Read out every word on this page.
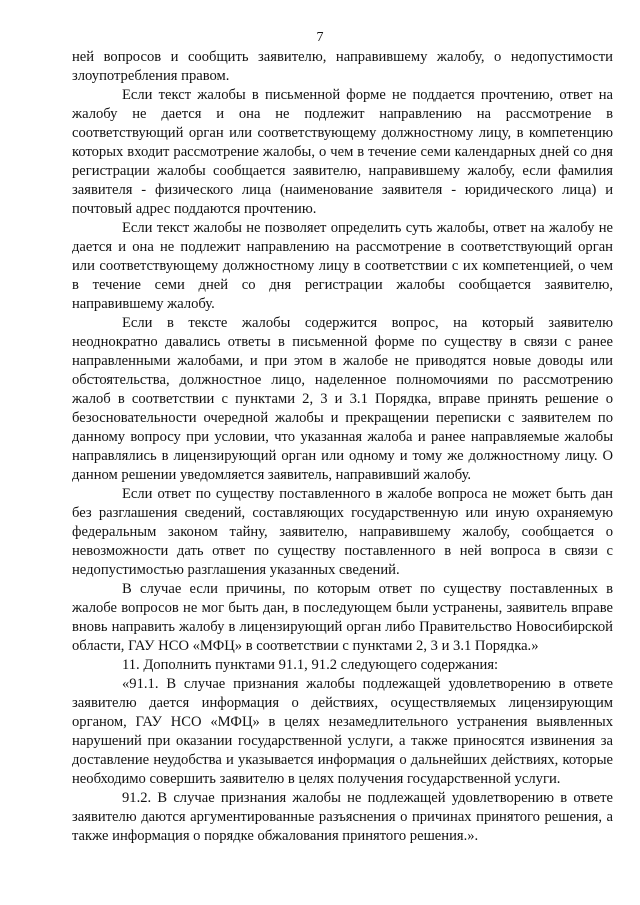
7

ней вопросов и сообщить заявителю, направившему жалобу, о недопустимости злоупотребления правом.

Если текст жалобы в письменной форме не поддается прочтению, ответ на жалобу не дается и она не подлежит направлению на рассмотрение в соответствующий орган или соответствующему должностному лицу, в компетенцию которых входит рассмотрение жалобы, о чем в течение семи календарных дней со дня регистрации жалобы сообщается заявителю, направившему жалобу, если фамилия заявителя - физического лица (наименование заявителя - юридического лица) и почтовый адрес поддаются прочтению.

Если текст жалобы не позволяет определить суть жалобы, ответ на жалобу не дается и она не подлежит направлению на рассмотрение в соответствующий орган или соответствующему должностному лицу в соответствии с их компетенцией, о чем в течение семи дней со дня регистрации жалобы сообщается заявителю, направившему жалобу.

Если в тексте жалобы содержится вопрос, на который заявителю неоднократно давались ответы в письменной форме по существу в связи с ранее направленными жалобами, и при этом в жалобе не приводятся новые доводы или обстоятельства, должностное лицо, наделенное полномочиями по рассмотрению жалоб в соответствии с пунктами 2, 3 и 3.1 Порядка, вправе принять решение о безосновательности очередной жалобы и прекращении переписки с заявителем по данному вопросу при условии, что указанная жалоба и ранее направляемые жалобы направлялись в лицензирующий орган или одному и тому же должностному лицу. О данном решении уведомляется заявитель, направивший жалобу.

Если ответ по существу поставленного в жалобе вопроса не может быть дан без разглашения сведений, составляющих государственную или иную охраняемую федеральным законом тайну, заявителю, направившему жалобу, сообщается о невозможности дать ответ по существу поставленного в ней вопроса в связи с недопустимостью разглашения указанных сведений.

В случае если причины, по которым ответ по существу поставленных в жалобе вопросов не мог быть дан, в последующем были устранены, заявитель вправе вновь направить жалобу в лицензирующий орган либо Правительство Новосибирской области, ГАУ НСО «МФЦ» в соответствии с пунктами 2, 3 и 3.1 Порядка.»

11. Дополнить пунктами 91.1, 91.2 следующего содержания:

«91.1. В случае признания жалобы подлежащей удовлетворению в ответе заявителю дается информация о действиях, осуществляемых лицензирующим органом, ГАУ НСО «МФЦ» в целях незамедлительного устранения выявленных нарушений при оказании государственной услуги, а также приносятся извинения за доставление неудобства и указывается информация о дальнейших действиях, которые необходимо совершить заявителю в целях получения государственной услуги.

91.2. В случае признания жалобы не подлежащей удовлетворению в ответе заявителю даются аргументированные разъяснения о причинах принятого решения, а также информация о порядке обжалования принятого решения.».
